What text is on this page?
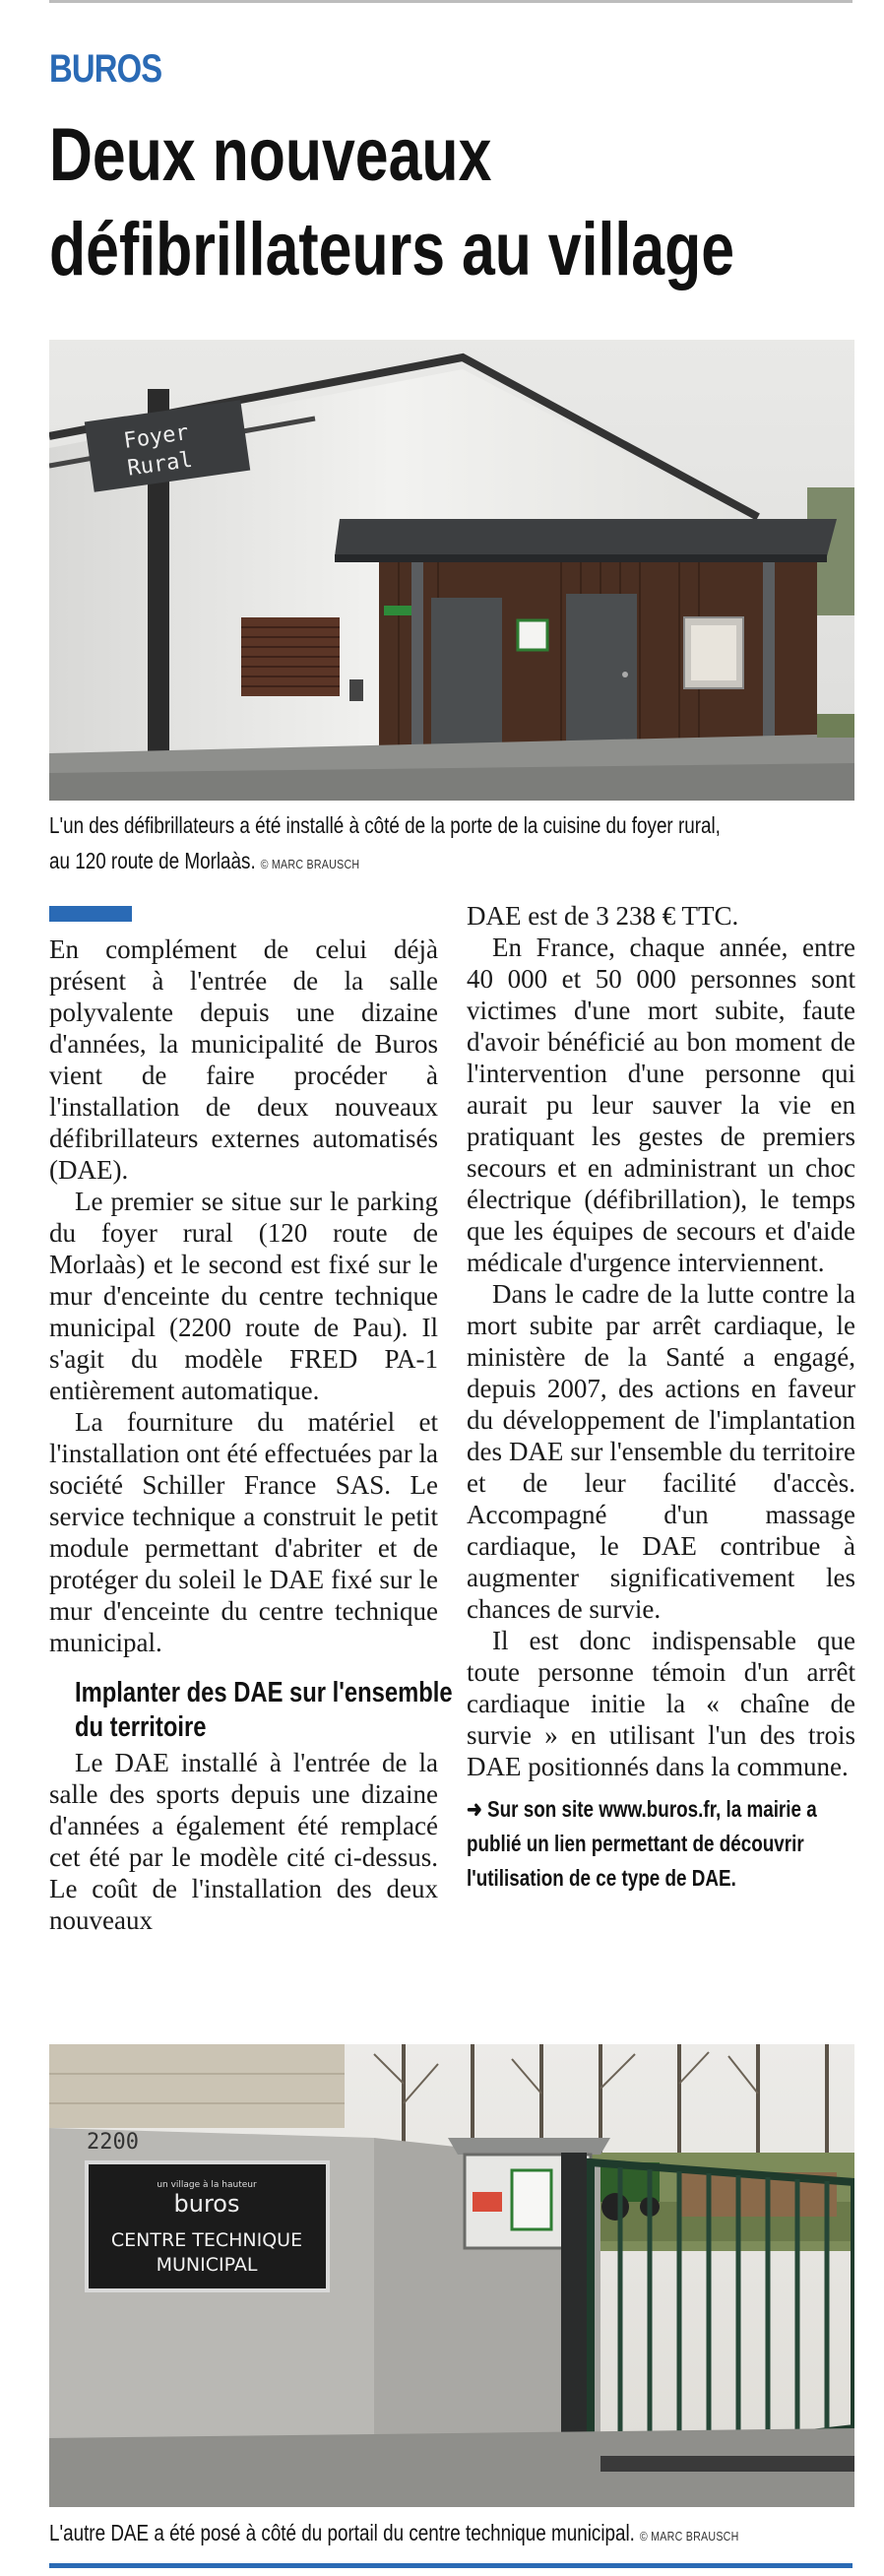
BUROS
Deux nouveaux
défibrillateurs au village
Foyer
Rural
L'un des défibrillateurs a été installé à côté de la porte de la cuisine du foyer rural,
au 120 route de Morlaàs. © MARC BRAUSCH

En complément de celui déjà présent à l'entrée de la salle polyvalente depuis une dizaine d'années, la municipalité de Buros vient de faire procéder à l'installation de deux nouveaux défibrillateurs externes automatisés (DAE).

Le premier se situe sur le parking du foyer rural (120 route de Morlaàs) et le second est fixé sur le mur d'enceinte du centre technique municipal (2200 route de Pau). Il s'agit du modèle FRED PA-1 entièrement automatique.

La fourniture du matériel et l'installation ont été effectuées par la société Schiller France SAS. Le service technique a construit le petit module permettant d'abriter et de protéger du soleil le DAE fixé sur le mur d'enceinte du centre technique municipal.

Implanter des DAE sur l'ensemble du territoire

Le DAE installé à l'entrée de la salle des sports depuis une dizaine d'années a également été remplacé cet été par le modèle cité ci-dessus. Le coût de l'installation des deux nouveaux

DAE est de 3 238 € TTC.

En France, chaque année, entre 40 000 et 50 000 personnes sont victimes d'une mort subite, faute d'avoir bénéficié au bon moment de l'intervention d'une personne qui aurait pu leur sauver la vie en pratiquant les gestes de premiers secours et en administrant un choc électrique (défibrillation), le temps que les équipes de secours et d'aide médicale d'urgence interviennent.

Dans le cadre de la lutte contre la mort subite par arrêt cardiaque, le ministère de la Santé a engagé, depuis 2007, des actions en faveur du développement de l'implantation des DAE sur l'ensemble du territoire et de leur facilité d'accès. Accompagné d'un massage cardiaque, le DAE contribue à augmenter significativement les chances de survie.

Il est donc indispensable que toute personne témoin d'un arrêt cardiaque initie la « chaîne de survie » en utilisant l'un des trois DAE positionnés dans la commune.

➜ Sur son site www.buros.fr, la mairie a publié un lien permettant de découvrir l'utilisation de ce type de DAE.
2200
un village à la hauteur
buros
CENTRE TECHNIQUE
MUNICIPAL
L'autre DAE a été posé à côté du portail du centre technique municipal. © MARC BRAUSCH
